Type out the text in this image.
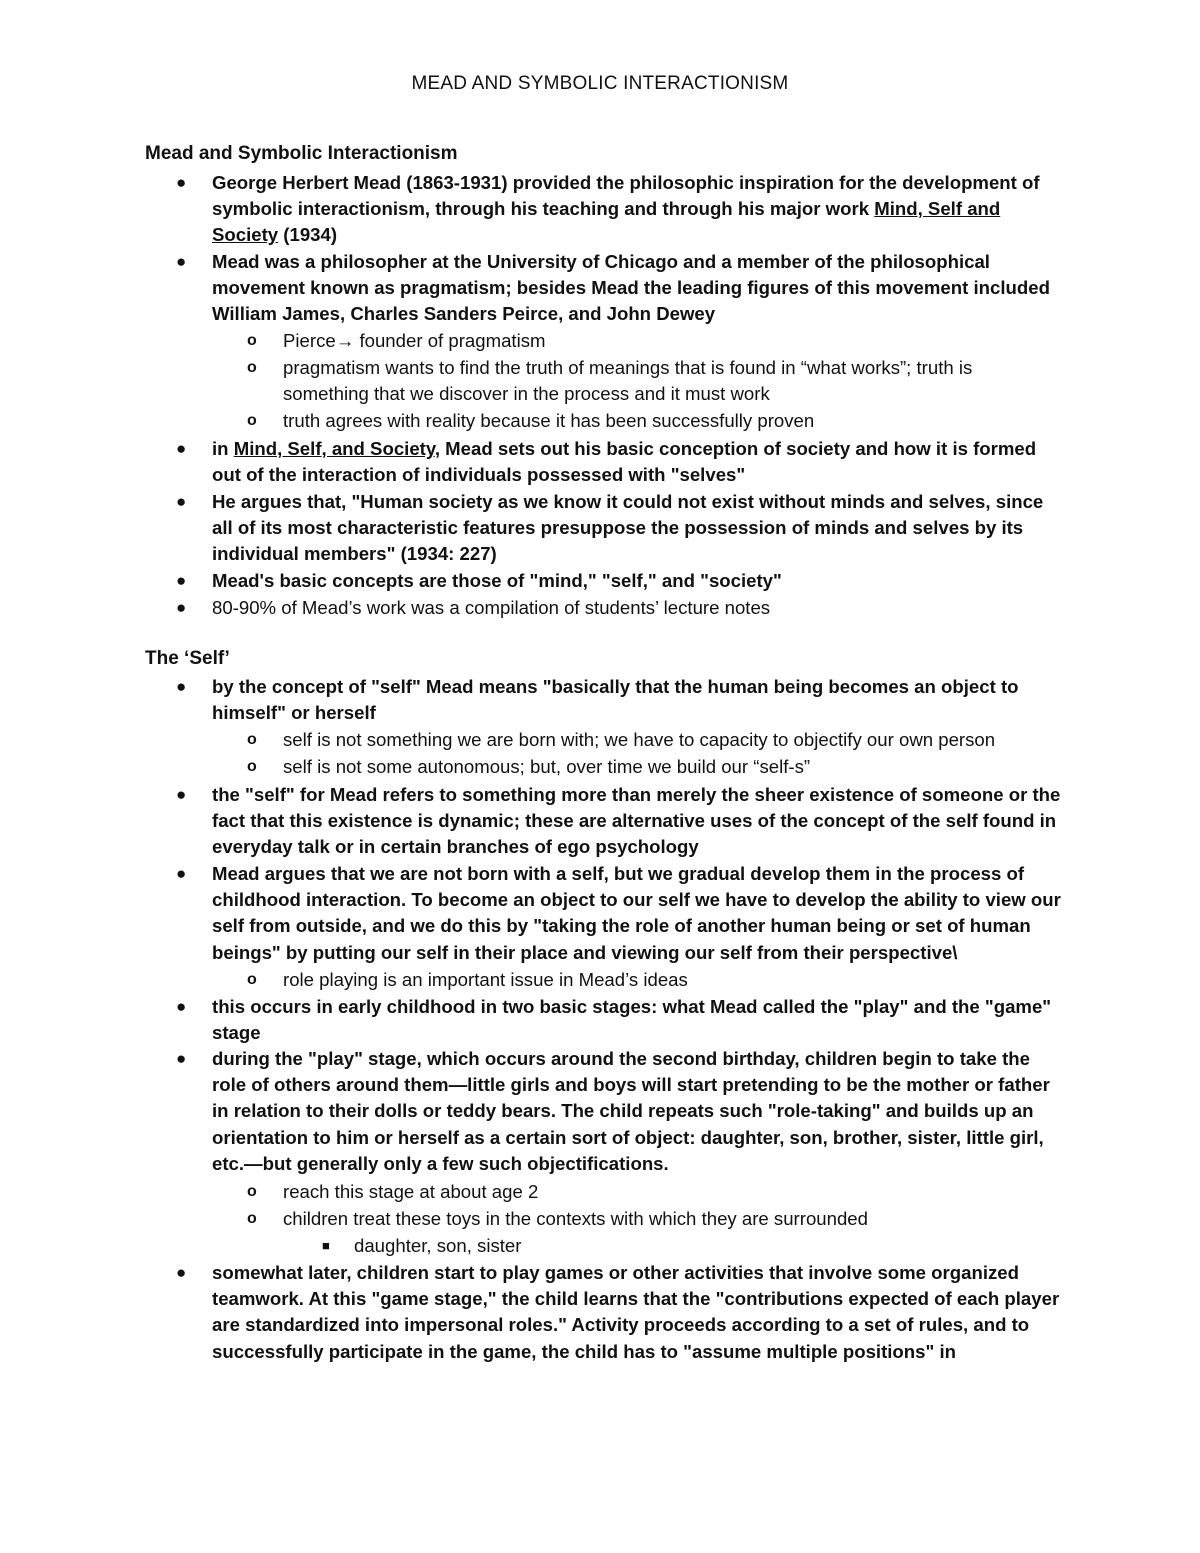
MEAD AND SYMBOLIC INTERACTIONISM
Mead and Symbolic Interactionism
● George Herbert Mead (1863-1931) provided the philosophic inspiration for the development of symbolic interactionism, through his teaching and through his major work Mind, Self and Society (1934)
● Mead was a philosopher at the University of Chicago and a member of the philosophical movement known as pragmatism; besides Mead the leading figures of this movement included William James, Charles Sanders Peirce, and John Dewey
o Pierce→ founder of pragmatism
o pragmatism wants to find the truth of meanings that is found in “what works”; truth is something that we discover in the process and it must work
o truth agrees with reality because it has been successfully proven
● in Mind, Self, and Society, Mead sets out his basic conception of society and how it is formed out of the interaction of individuals possessed with "selves"
● He argues that, "Human society as we know it could not exist without minds and selves, since all of its most characteristic features presuppose the possession of minds and selves by its individual members" (1934: 227)
● Mead's basic concepts are those of "mind," "self," and "society"
● 80-90% of Mead’s work was a compilation of students’ lecture notes
The ‘Self’
● by the concept of "self" Mead means "basically that the human being becomes an object to himself" or herself
o self is not something we are born with; we have to capacity to objectify our own person
o self is not some autonomous; but, over time we build our “self-s”
● the "self" for Mead refers to something more than merely the sheer existence of someone or the fact that this existence is dynamic; these are alternative uses of the concept of the self found in everyday talk or in certain branches of ego psychology
● Mead argues that we are not born with a self, but we gradual develop them in the process of childhood interaction. To become an object to our self we have to develop the ability to view our self from outside, and we do this by "taking the role of another human being or set of human beings" by putting our self in their place and viewing our self from their perspective\
o role playing is an important issue in Mead’s ideas
● this occurs in early childhood in two basic stages: what Mead called the "play" and the "game" stage
● during the "play" stage, which occurs around the second birthday, children begin to take the role of others around them—little girls and boys will start pretending to be the mother or father in relation to their dolls or teddy bears. The child repeats such "role-taking" and builds up an orientation to him or herself as a certain sort of object: daughter, son, brother, sister, little girl, etc.—but generally only a few such objectifications.
o reach this stage at about age 2
o children treat these toys in the contexts with which they are surrounded
■ daughter, son, sister
● somewhat later, children start to play games or other activities that involve some organized teamwork. At this "game stage," the child learns that the "contributions expected of each player are standardized into impersonal roles." Activity proceeds according to a set of rules, and to successfully participate in the game, the child has to "assume multiple positions" in
